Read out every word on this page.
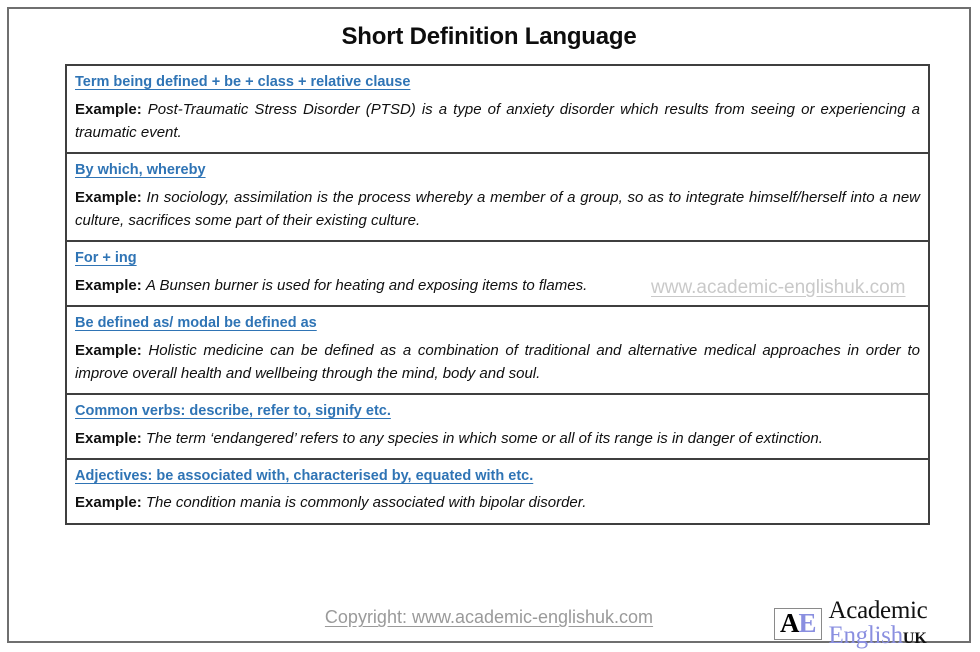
Short Definition Language
Term being defined + be + class + relative clause
Example: Post-Traumatic Stress Disorder (PTSD) is a type of anxiety disorder which results from seeing or experiencing a traumatic event.
By which, whereby
Example: In sociology, assimilation is the process whereby a member of a group, so as to integrate himself/herself into a new culture, sacrifices some part of their existing culture.
For + ing
Example: A Bunsen burner is used for heating and exposing items to flames.
Be defined as/ modal be defined as
Example: Holistic medicine can be defined as a combination of traditional and alternative medical approaches in order to improve overall health and wellbeing through the mind, body and soul.
Common verbs: describe, refer to, signify etc.
Example: The term ‘endangered’ refers to any species in which some or all of its range is in danger of extinction.
Adjectives: be associated with, characterised by, equated with etc.
Example: The condition mania is commonly associated with bipolar disorder.
www.academic-englishuk.com
Copyright: www.academic-englishuk.com	AE Academic
EnglishUK
